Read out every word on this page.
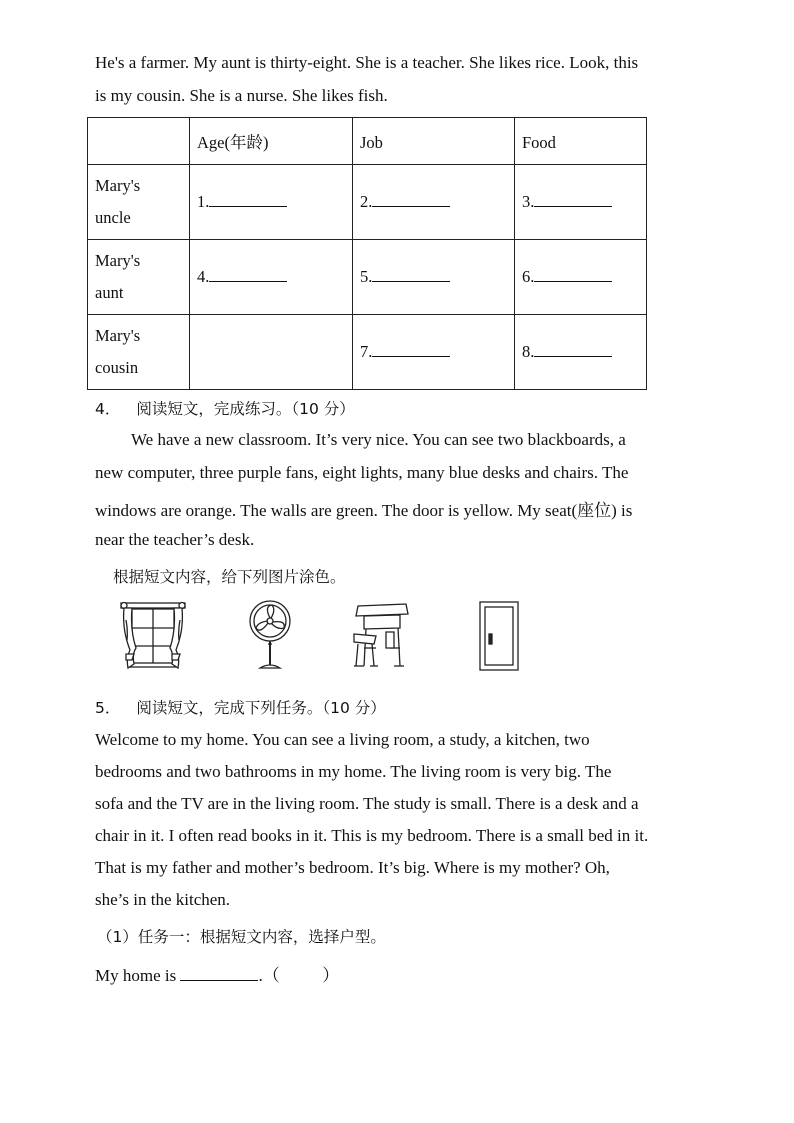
He's a farmer. My aunt is thirty-eight. She is a teacher. She likes rice. Look, this
is my cousin. She is a nurse. She likes fish.
	Age(年龄)	Job	Food

Mary's
uncle	1.	2.	3.

Mary's
aunt	4.	5.	6.

Mary's
cousin		7.	8.
4． 阅读短文，完成练习。（10 分）
We have a new classroom. It’s very nice. You can see two blackboards, a
new computer, three purple fans, eight lights, many blue desks and chairs. The
windows are orange. The walls are green. The door is yellow. My seat(座位) is
near the teacher’s desk.
根据短文内容，给下列图片涂色。
5． 阅读短文，完成下列任务。（10 分）
Welcome to my home. You can see a living room, a study, a kitchen, two
bedrooms and two bathrooms in my home. The living room is very big. The
sofa and the TV are in the living room. The study is small. There is a desk and a
chair in it. I often read books in it. This is my bedroom. There is a small bed in it.
That is my father and mother’s bedroom. It’s big. Where is my mother? Oh,
she’s in the kitchen.
（1）任务一：根据短文内容，选择户型。
My home is	.（          ）
